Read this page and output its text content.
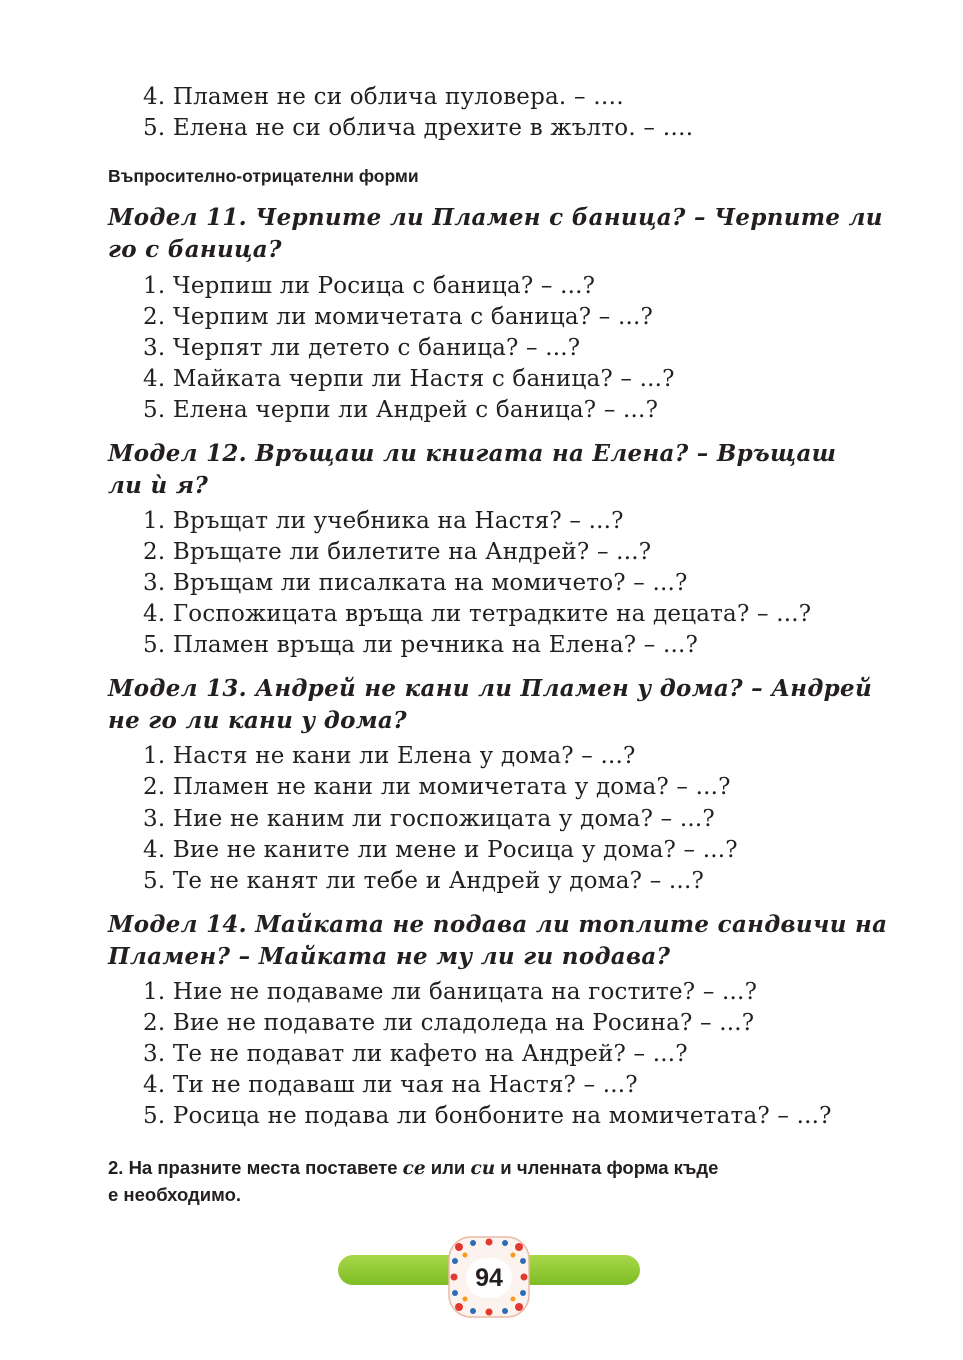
4. Пламен не си облича пуловера. – ….
5. Елена не си облича дрехите в жълто. – ….
Въпросително-отрицателни форми
Модел 11. Черпите ли Пламен с баница? – Черпите ли
го с баница?
1. Черпиш ли Росица с баница? – ...?
2. Черпим ли момичетата с баница? – ...?
3. Черпят ли детето с баница? – ...?
4. Майката черпи ли Настя с баница? – ...?
5. Елена черпи ли Андрей с баница? – ...?
Модел 12. Връщаш ли книгата на Елена? – Връщаш
ли ѝ я?
1. Връщат ли учебника на Настя? – ...?
2. Връщате ли билетите на Андрей? – ...?
3. Връщам ли писалката на момичето? – ...?
4. Госпожицата връща ли тетрадките на децата? – ...?
5. Пламен връща ли речника на Елена? – ...?
Модел 13. Андрей не кани ли Пламен у дома? – Андрей
не го ли кани у дома?
1. Настя не кани ли Елена у дома? – ...?
2. Пламен не кани ли момичетата у дома? – ...?
3. Ние не каним ли госпожицата у дома? – ...?
4. Вие не каните ли мене и Росица у дома? – ...?
5. Те не канят ли тебе и Андрей у дома? – ...?
Модел 14. Майката не подава ли топлите сандвичи на
Пламен? – Майката не му ли ги подава?
1. Ние не подаваме ли баницата на гостите? – ...?
2. Вие не подавате ли сладоледа на Росина? – ...?
3. Те не подават ли кафето на Андрей? – ...?
4. Ти не подаваш ли чая на Настя? – ...?
5. Росица не подава ли бонбоните на момичетата? – ...?
2. На празните места поставете се или си и членната форма къде
е необходимо.
94
